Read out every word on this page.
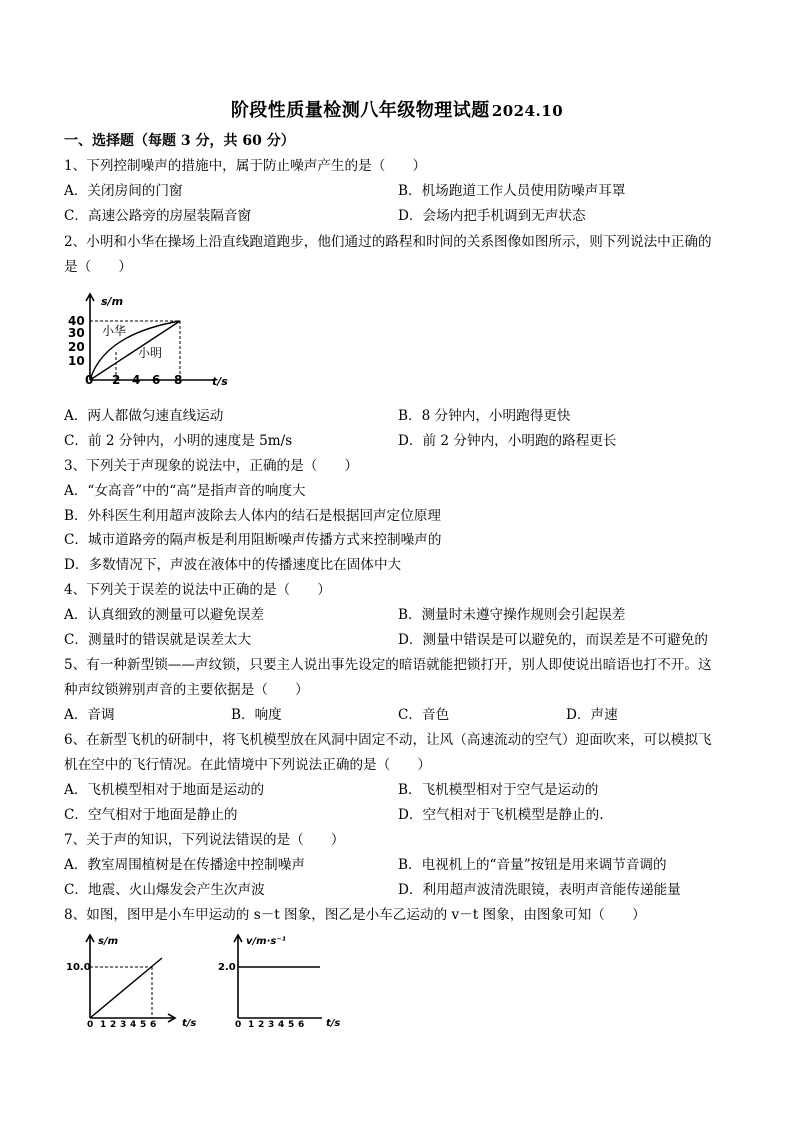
阶段性质量检测八年级物理试题 2024.10
一、选择题（每题 3 分，共 60 分）
1、下列控制噪声的措施中，属于防止噪声产生的是（　　）
A．关闭房间的门窗	B．机场跑道工作人员使用防噪声耳罩
C．高速公路旁的房屋装隔音窗	D．会场内把手机调到无声状态
2、小明和小华在操场上沿直线跑道跑步，他们通过的路程和时间的关系图像如图所示，则下列说法中正确的
是（　　）
s/m
t/s
40
30
20
10
0 2 4 6 8
小华
小明
A．两人都做匀速直线运动	B．8 分钟内，小明跑得更快
C．前 2 分钟内，小明的速度是 5m/s	D．前 2 分钟内，小明跑的路程更长
3、下列关于声现象的说法中，正确的是（　　）
A．“女高音”中的“高”是指声音的响度大
B．外科医生利用超声波除去人体内的结石是根据回声定位原理
C．城市道路旁的隔声板是利用阻断噪声传播方式来控制噪声的
D．多数情况下，声波在液体中的传播速度比在固体中大
4、下列关于误差的说法中正确的是（　　）
A．认真细致的测量可以避免误差	B．测量时未遵守操作规则会引起误差
C．测量时的错误就是误差太大	D．测量中错误是可以避免的，而误差是不可避免的
5、有一种新型锁——声纹锁，只要主人说出事先设定的暗语就能把锁打开，别人即使说出暗语也打不开。这
种声纹锁辨别声音的主要依据是（　　）
A．音调	B．响度	C．音色	D．声速
6、在新型飞机的研制中，将飞机模型放在风洞中固定不动，让风（高速流动的空气）迎面吹来，可以模拟飞
机在空中的飞行情况。在此情境中下列说法正确的是（　　）
A．飞机模型相对于地面是运动的	B．飞机模型相对于空气是运动的
C．空气相对于地面是静止的	D．空气相对于飞机模型是静止的.
7、关于声的知识，下列说法错误的是（　　）
A．教室周围植树是在传播途中控制噪声	B．电视机上的“音量”按钮是用来调节音调的
C．地震、火山爆发会产生次声波	D．利用超声波清洗眼镜，表明声音能传递能量
8、如图，图甲是小车甲运动的 s－t 图象，图乙是小车乙运动的 v－t 图象，由图象可知（　　）
s/m
t/s
10.0
0 1 2 3 4 5 6
v/m·s⁻¹
t/s
2.0
0 1 2 3 4 5 6
